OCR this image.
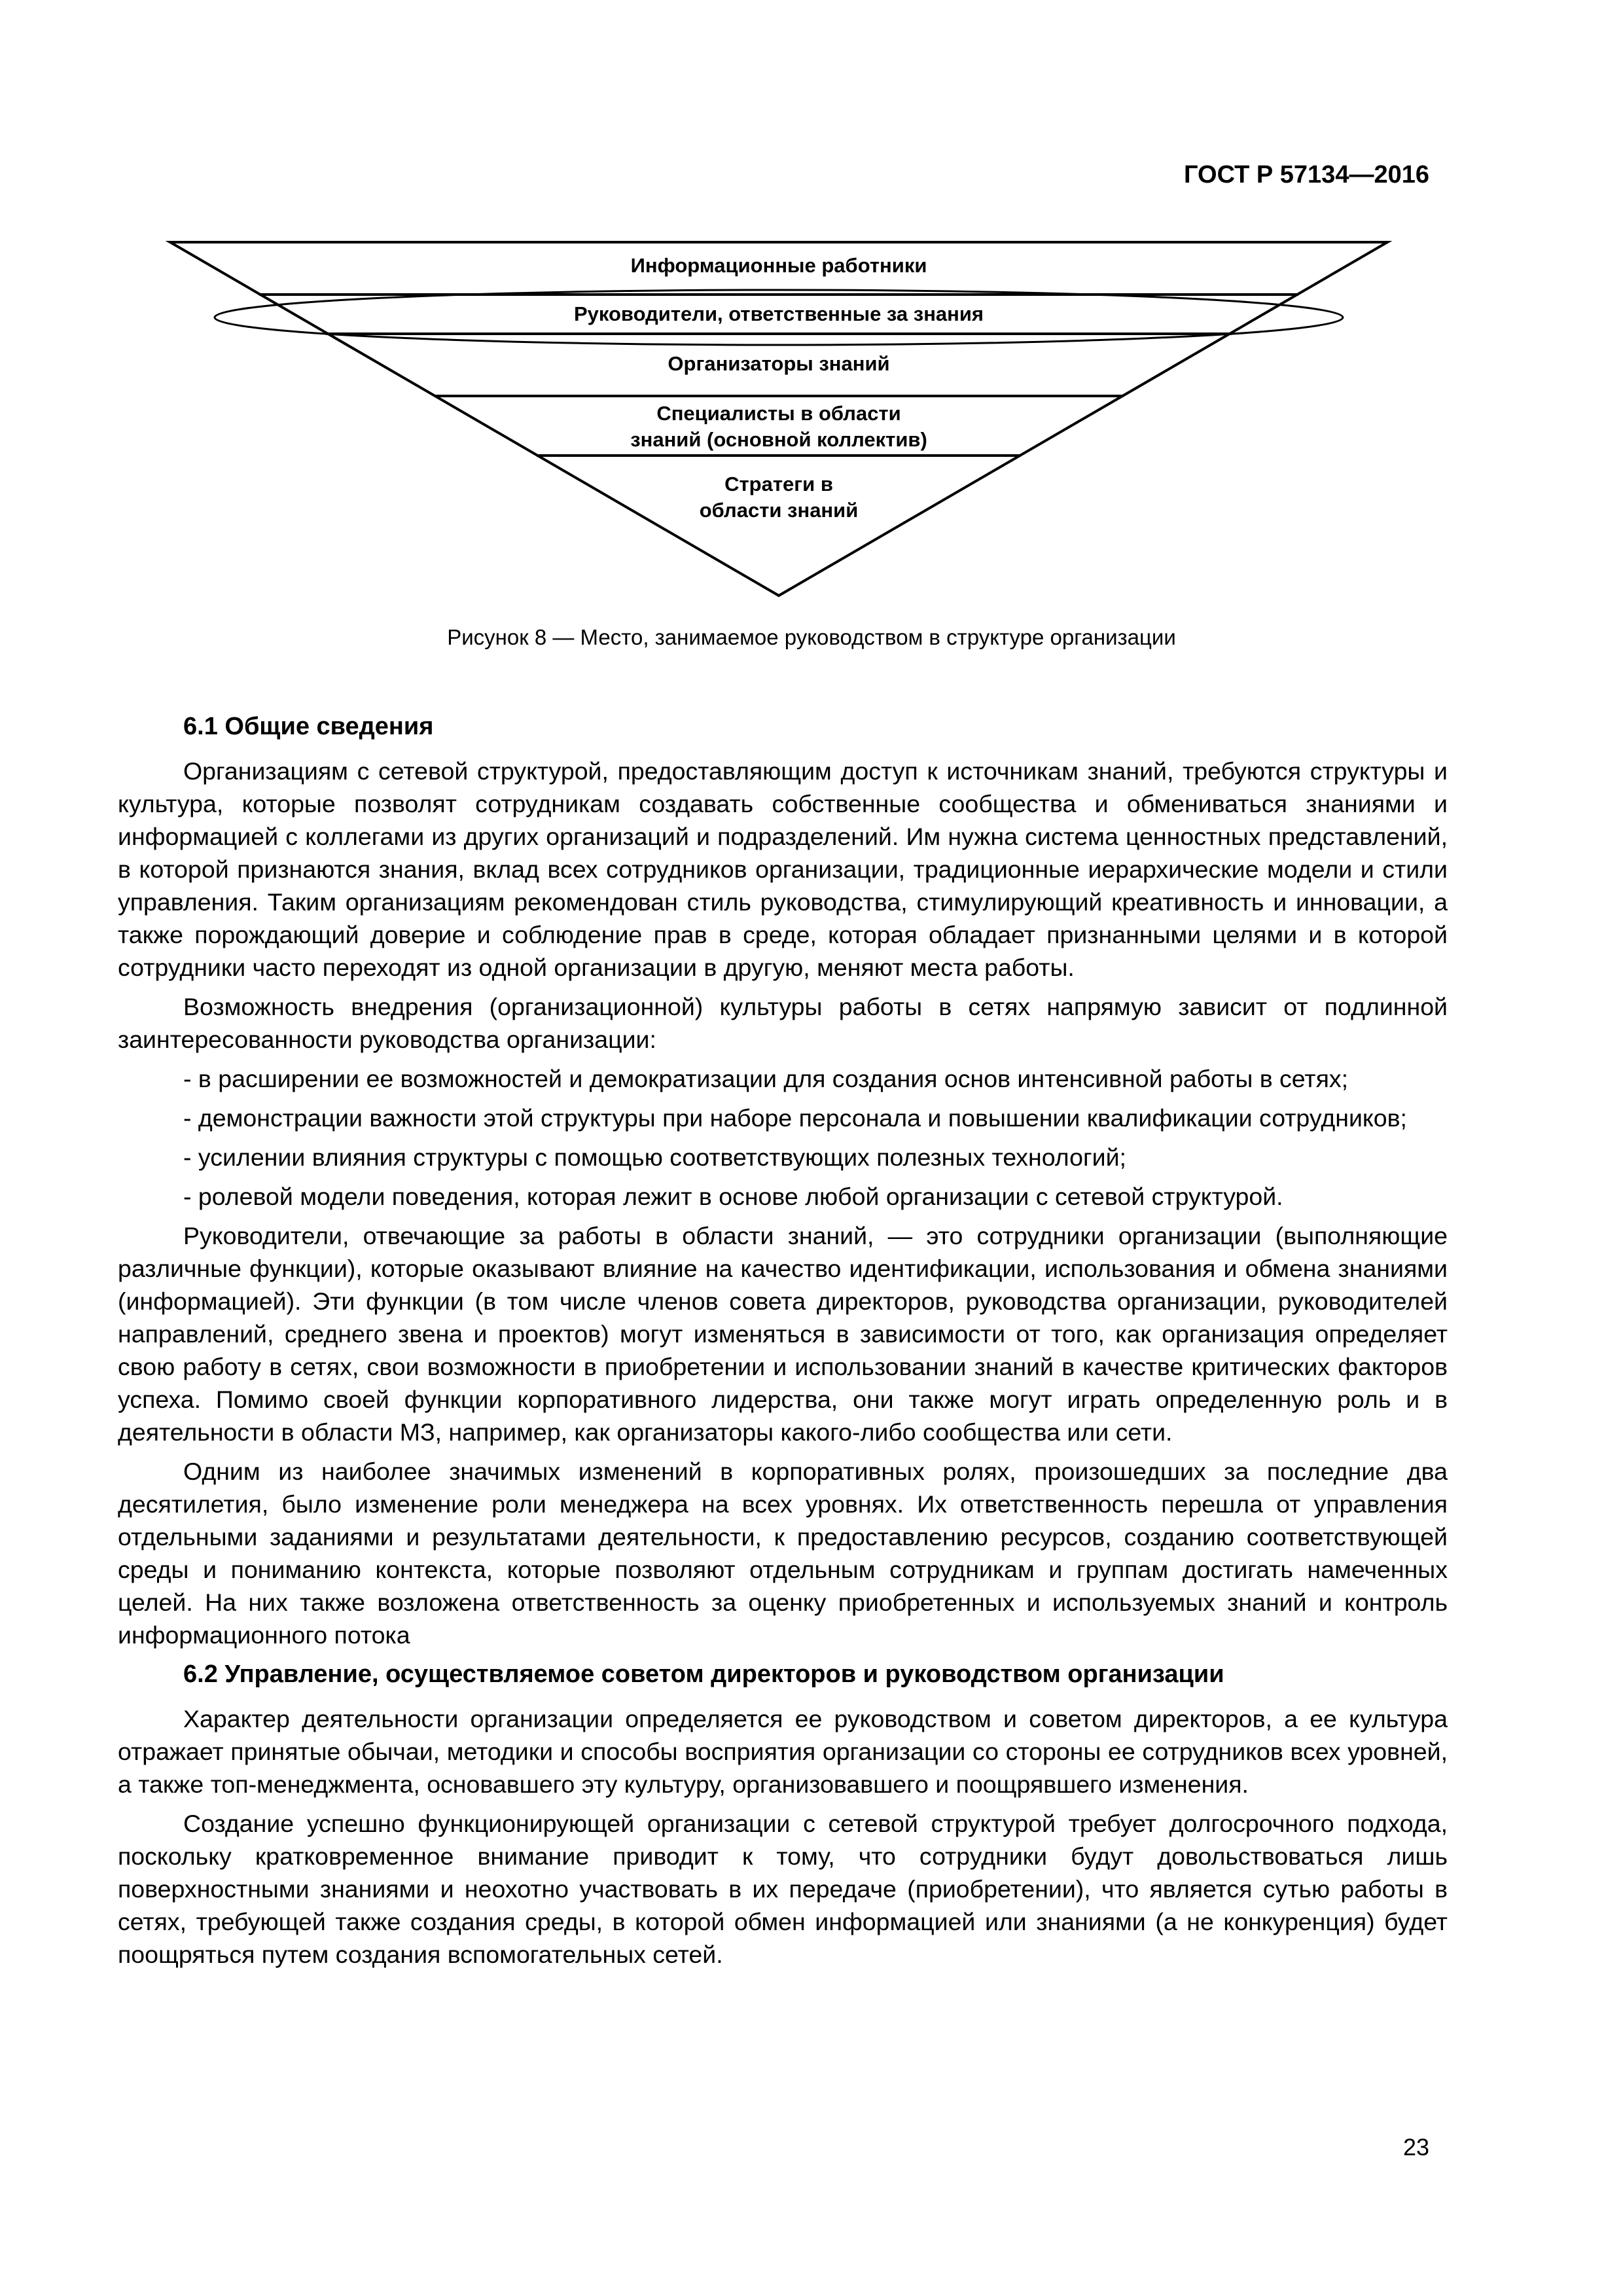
ГОСТ Р 57134—2016
Информационные работники
Руководители, ответственные за знания
Организаторы знаний
Специалисты в области знаний (основной коллектив)
Стратеги в области знаний
Рисунок 8 — Место, занимаемое руководством в структуре организации
6.1 Общие сведения

Организациям с сетевой структурой, предоставляющим доступ к источникам знаний, требуются структуры и культура, которые позволят сотрудникам создавать собственные сообщества и обмениваться знаниями и информацией с коллегами из других организаций и подразделений. Им нужна система ценностных представлений, в которой признаются знания, вклад всех сотрудников организации, традиционные иерархические модели и стили управления. Таким организациям рекомендован стиль руководства, стимулирующий креативность и инновации, а также порождающий доверие и соблюдение прав в среде, которая обладает признанными целями и в которой сотрудники часто переходят из одной организации в другую, меняют места работы.

Возможность внедрения (организационной) культуры работы в сетях напрямую зависит от подлинной заинтересованности руководства организации:

- в расширении ее возможностей и демократизации для создания основ интенсивной работы в сетях;

- демонстрации важности этой структуры при наборе персонала и повышении квалификации сотрудников;

- усилении влияния структуры с помощью соответствующих полезных технологий;

- ролевой модели поведения, которая лежит в основе любой организации с сетевой структурой.

Руководители, отвечающие за работы в области знаний, — это сотрудники организации (выполняющие различные функции), которые оказывают влияние на качество идентификации, использования и обмена знаниями (информацией). Эти функции (в том числе членов совета директоров, руководства организации, руководителей направлений, среднего звена и проектов) могут изменяться в зависимости от того, как организация определяет свою работу в сетях, свои возможности в приобретении и использовании знаний в качестве критических факторов успеха. Помимо своей функции корпоративного лидерства, они также могут играть определенную роль и в деятельности в области МЗ, например, как организаторы какого-либо сообщества или сети.

Одним из наиболее значимых изменений в корпоративных ролях, произошедших за последние два десятилетия, было изменение роли менеджера на всех уровнях. Их ответственность перешла от управления отдельными заданиями и результатами деятельности, к предоставлению ресурсов, созданию соответствующей среды и пониманию контекста, которые позволяют отдельным сотрудникам и группам достигать намеченных целей. На них также возложена ответственность за оценку приобретенных и используемых знаний и контроль информационного потока

6.2 Управление, осуществляемое советом директоров и руководством организации

Характер деятельности организации определяется ее руководством и советом директоров, а ее культура отражает принятые обычаи, методики и способы восприятия организации со стороны ее сотрудников всех уровней, а также топ-менеджмента, основавшего эту культуру, организовавшего и поощрявшего изменения.

Создание успешно функционирующей организации с сетевой структурой требует долгосрочного подхода, поскольку кратковременное внимание приводит к тому, что сотрудники будут довольствоваться лишь поверхностными знаниями и неохотно участвовать в их передаче (приобретении), что является сутью работы в сетях, требующей также создания среды, в которой обмен информацией или знаниями (а не конкуренция) будет поощряться путем создания вспомогательных сетей.

23
